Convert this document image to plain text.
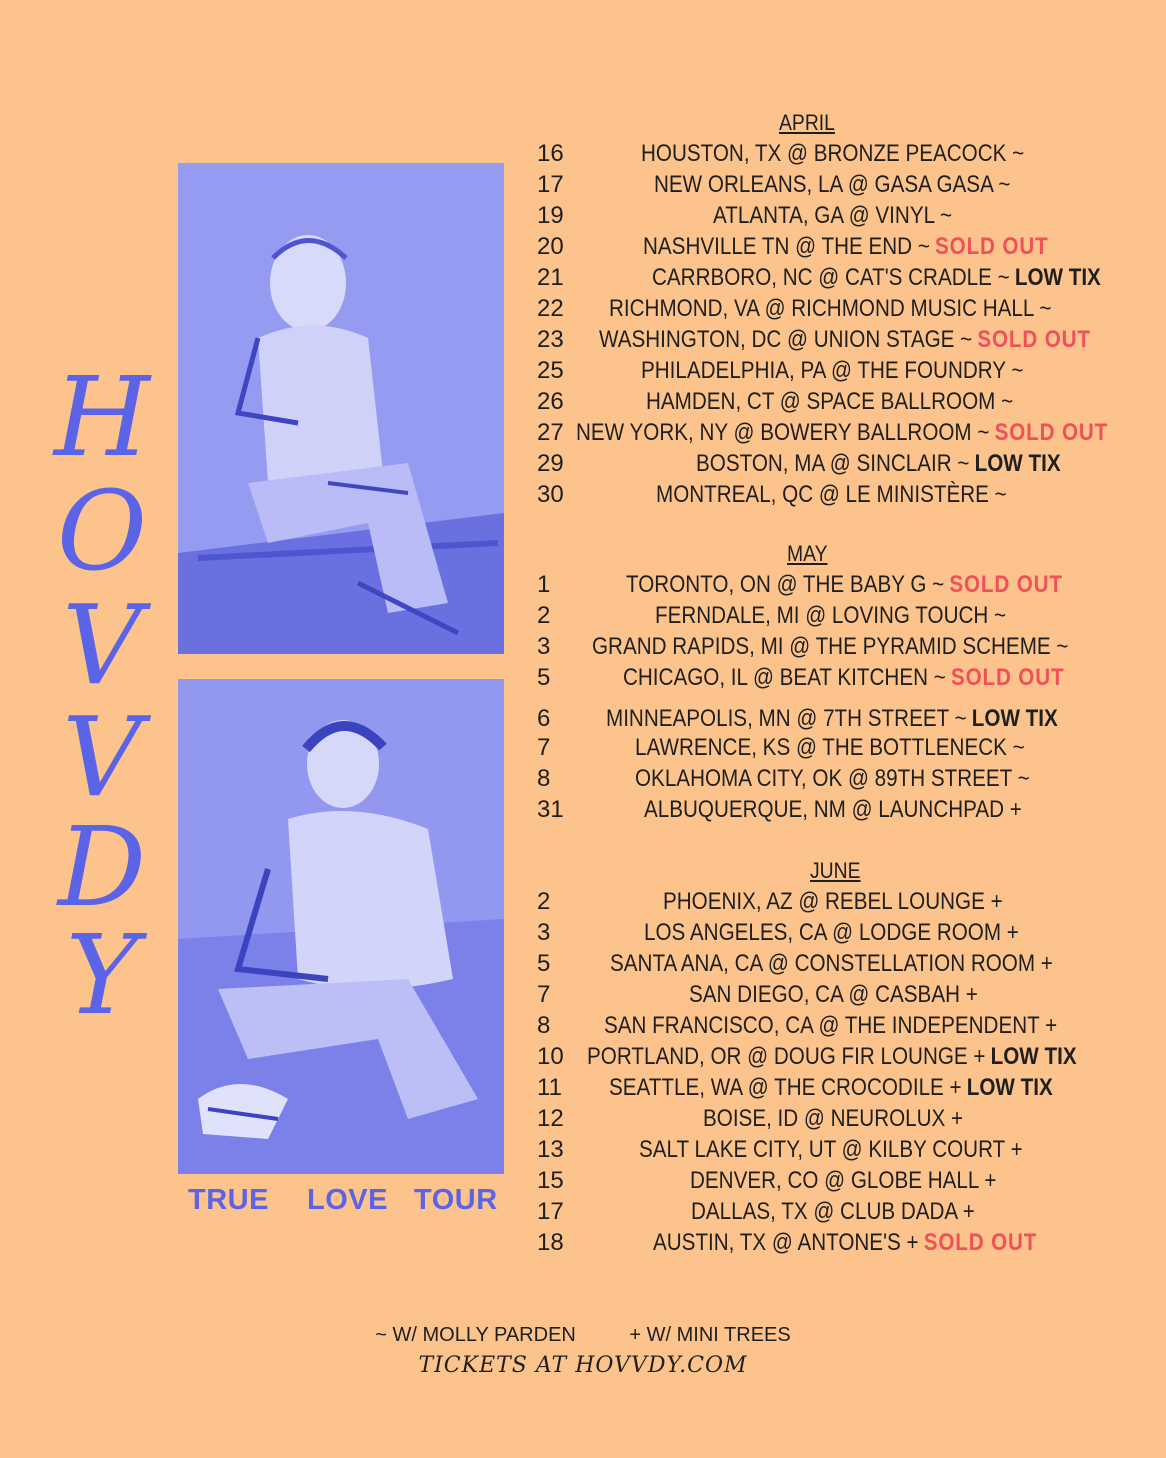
H
O
V
V
D
Y
TRUE LOVE TOUR
APRIL
16	HOUSTON, TX @ BRONZE PEACOCK ~
17	NEW ORLEANS, LA @ GASA GASA ~
19	ATLANTA, GA @ VINYL ~
20	NASHVILLE TN @ THE END ~ SOLD OUT
21	CARRBORO, NC @ CAT'S CRADLE ~ LOW TIX
22	RICHMOND, VA @ RICHMOND MUSIC HALL ~
23	WASHINGTON, DC @ UNION STAGE ~ SOLD OUT
25	PHILADELPHIA, PA @ THE FOUNDRY ~
26	HAMDEN, CT @ SPACE BALLROOM ~
27 NEW YORK, NY @ BOWERY BALLROOM ~ SOLD OUT
29	BOSTON, MA @ SINCLAIR ~ LOW TIX
30	MONTREAL, QC @ LE MINISTÈRE ~
MAY
1	TORONTO, ON @ THE BABY G ~ SOLD OUT
2	FERNDALE, MI @ LOVING TOUCH ~
3	GRAND RAPIDS, MI @ THE PYRAMID SCHEME ~
5	CHICAGO, IL @ BEAT KITCHEN ~ SOLD OUT
6	MINNEAPOLIS, MN @ 7TH STREET ~ LOW TIX
7	LAWRENCE, KS @ THE BOTTLENECK ~
8	OKLAHOMA CITY, OK @ 89TH STREET ~
31	ALBUQUERQUE, NM @ LAUNCHPAD +
JUNE
2	PHOENIX, AZ @ REBEL LOUNGE +
3	LOS ANGELES, CA @ LODGE ROOM +
5	SANTA ANA, CA @ CONSTELLATION ROOM +
7	SAN DIEGO, CA @ CASBAH +
8	SAN FRANCISCO, CA @ THE INDEPENDENT +
10 PORTLAND, OR @ DOUG FIR LOUNGE + LOW TIX
11	SEATTLE, WA @ THE CROCODILE + LOW TIX
12	BOISE, ID @ NEUROLUX +
13	SALT LAKE CITY, UT @ KILBY COURT +
15	DENVER, CO @ GLOBE HALL +
17	DALLAS, TX @ CLUB DADA +
18	AUSTIN, TX @ ANTONE'S + SOLD OUT
~ W/ MOLLY PARDEN	+ W/ MINI TREES
TICKETS AT HOVVDY.COM
